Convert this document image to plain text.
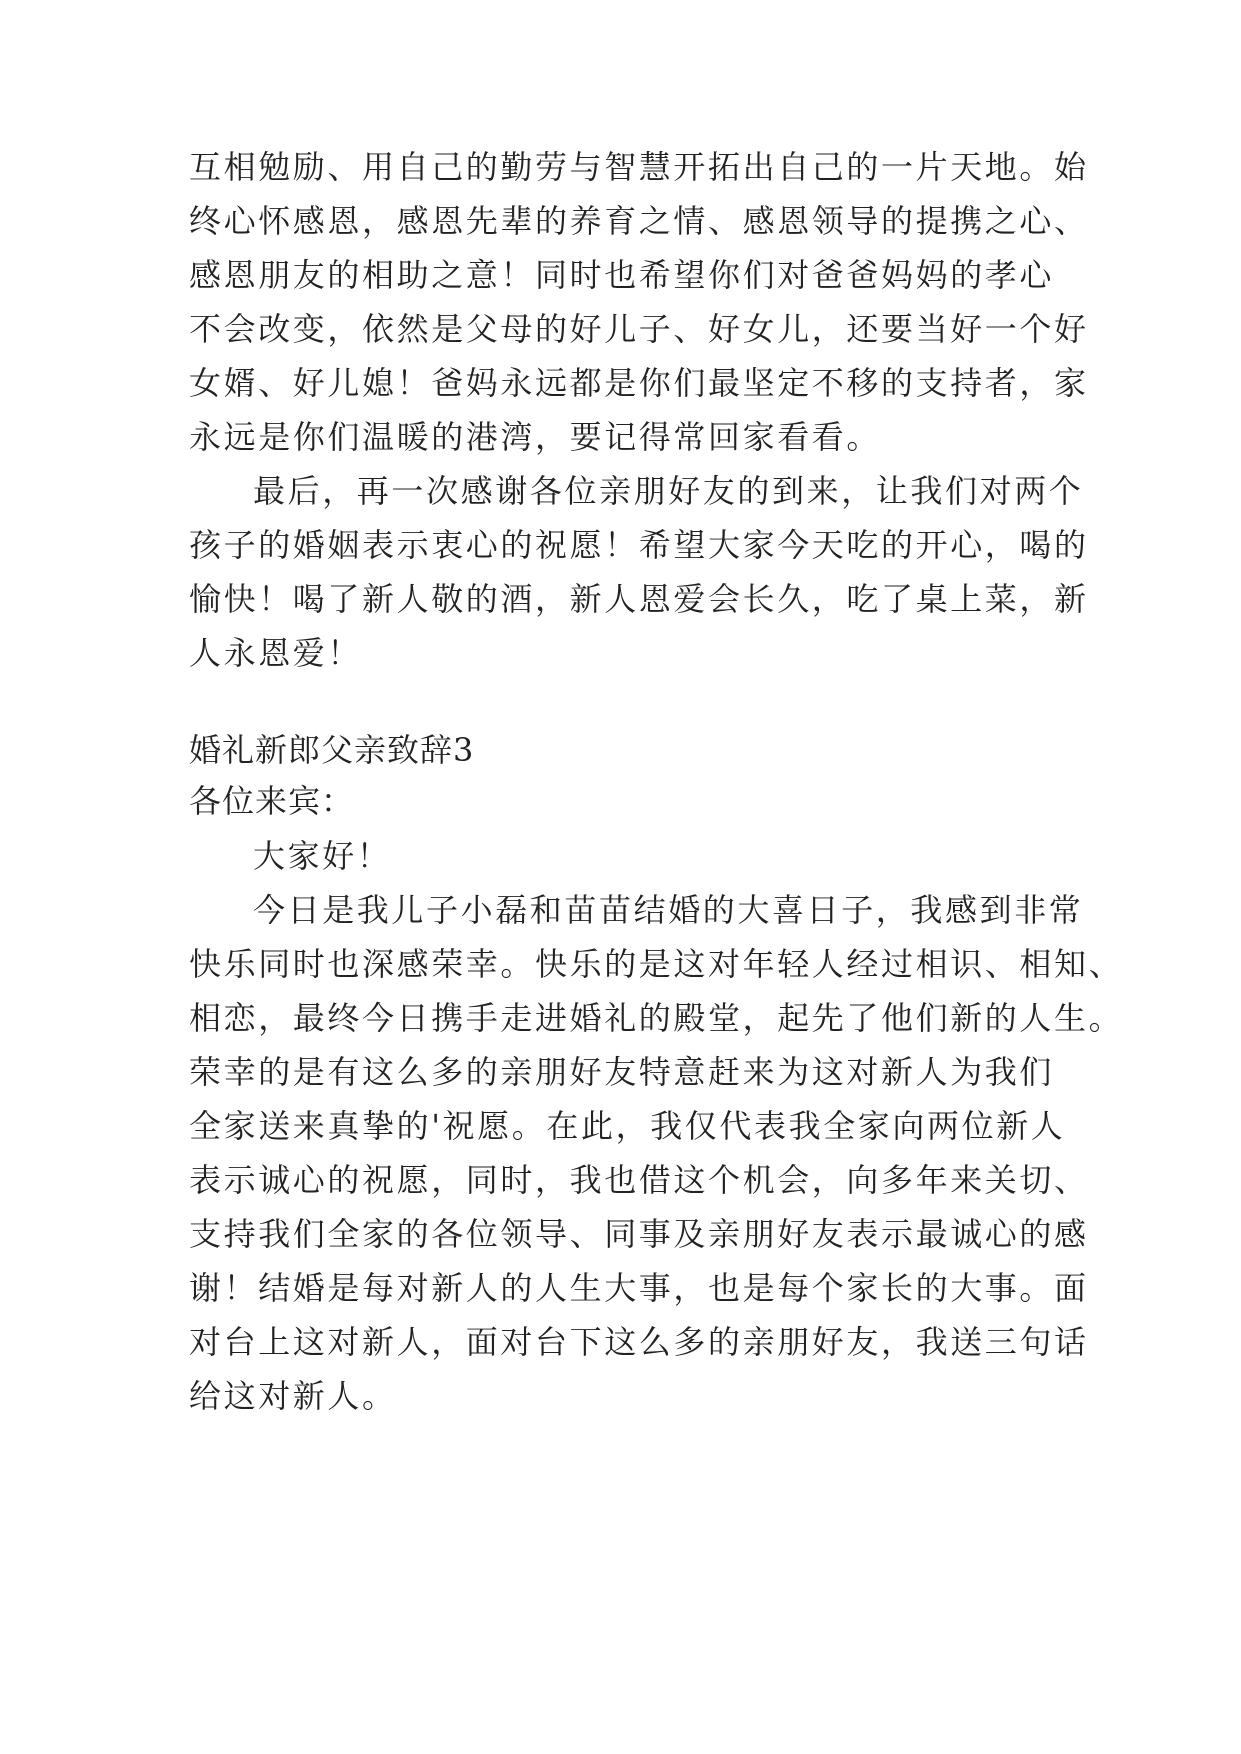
互相勉励、用自己的勤劳与智慧开拓出自己的一片天地。始
终心怀感恩，感恩先辈的养育之情、感恩领导的提携之心、
感恩朋友的相助之意！同时也希望你们对爸爸妈妈的孝心
不会改变，依然是父母的好儿子、好女儿，还要当好一个好
女婿、好儿媳！爸妈永远都是你们最坚定不移的支持者，家
永远是你们温暖的港湾，要记得常回家看看。
最后，再一次感谢各位亲朋好友的到来，让我们对两个
孩子的婚姻表示衷心的祝愿！希望大家今天吃的开心，喝的
愉快！喝了新人敬的酒，新人恩爱会长久，吃了桌上菜，新
人永恩爱！
婚礼新郎父亲致辞3
各位来宾：
大家好！
今日是我儿子小磊和苗苗结婚的大喜日子，我感到非常
快乐同时也深感荣幸。快乐的是这对年轻人经过相识、相知、
相恋，最终今日携手走进婚礼的殿堂，起先了他们新的人生。
荣幸的是有这么多的亲朋好友特意赶来为这对新人为我们
全家送来真挚的'祝愿。在此，我仅代表我全家向两位新人
表示诚心的祝愿，同时，我也借这个机会，向多年来关切、
支持我们全家的各位领导、同事及亲朋好友表示最诚心的感
谢！结婚是每对新人的人生大事，也是每个家长的大事。面
对台上这对新人，面对台下这么多的亲朋好友，我送三句话
给这对新人。
